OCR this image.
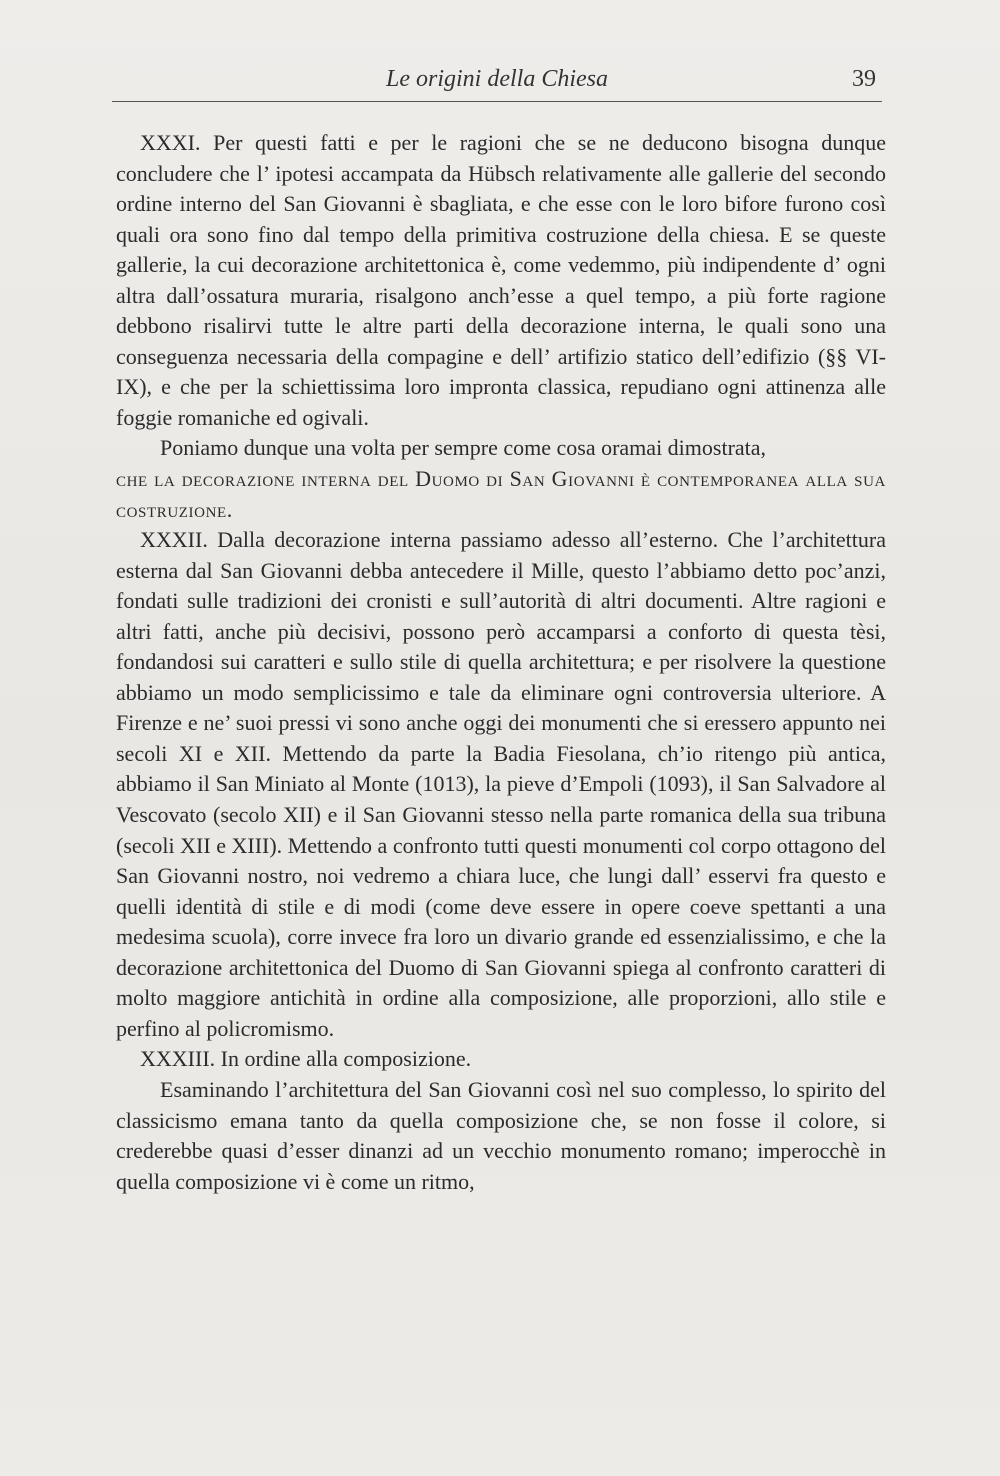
Le origini della Chiesa	39

XXXI. Per questi fatti e per le ragioni che se ne deducono bisogna dunque concludere che l’ ipotesi accampata da Hübsch relativamente alle gallerie del secondo ordine interno del San Giovanni è sbagliata, e che esse con le loro bifore furono così quali ora sono fino dal tempo della primitiva costruzione della chiesa. E se queste gallerie, la cui decorazione architettonica è, come vedemmo, più indipendente d’ ogni altra dall’ossatura muraria, risalgono anch’esse a quel tempo, a più forte ragione debbono risalirvi tutte le altre parti della decorazione interna, le quali sono una conseguenza necessaria della compagine e dell’ artifizio statico dell’edifizio (§§ VI-IX), e che per la schiettissima loro impronta classica, repudiano ogni attinenza alle foggie romaniche ed ogivali.

Poniamo dunque una volta per sempre come cosa oramai dimostrata,

che la decorazione interna del Duomo di San Giovanni è contemporanea alla sua costruzione.

XXXII. Dalla decorazione interna passiamo adesso all’esterno. Che l’architettura esterna dal San Giovanni debba antecedere il Mille, questo l’abbiamo detto poc’anzi, fondati sulle tradizioni dei cronisti e sull’autorità di altri documenti. Altre ragioni e altri fatti, anche più decisivi, possono però accamparsi a conforto di questa tèsi, fondandosi sui caratteri e sullo stile di quella architettura; e per risolvere la questione abbiamo un modo semplicissimo e tale da eliminare ogni controversia ulteriore. A Firenze e ne’ suoi pressi vi sono anche oggi dei monumenti che si eressero appunto nei secoli XI e XII. Mettendo da parte la Badia Fiesolana, ch’io ritengo più antica, abbiamo il San Miniato al Monte (1013), la pieve d’Empoli (1093), il San Salvadore al Vescovato (secolo XII) e il San Giovanni stesso nella parte romanica della sua tribuna (secoli XII e XIII). Mettendo a confronto tutti questi monumenti col corpo ottagono del San Giovanni nostro, noi vedremo a chiara luce, che lungi dall’ esservi fra questo e quelli identità di stile e di modi (come deve essere in opere coeve spettanti a una medesima scuola), corre invece fra loro un divario grande ed essenzialissimo, e che la decorazione architettonica del Duomo di San Giovanni spiega al confronto caratteri di molto maggiore antichità in ordine alla composizione, alle proporzioni, allo stile e perfino al policromismo.

XXXIII. In ordine alla composizione.

Esaminando l’architettura del San Giovanni così nel suo complesso, lo spirito del classicismo emana tanto da quella composizione che, se non fosse il colore, si crederebbe quasi d’esser dinanzi ad un vecchio monumento romano; imperocchè in quella composizione vi è come un ritmo,
